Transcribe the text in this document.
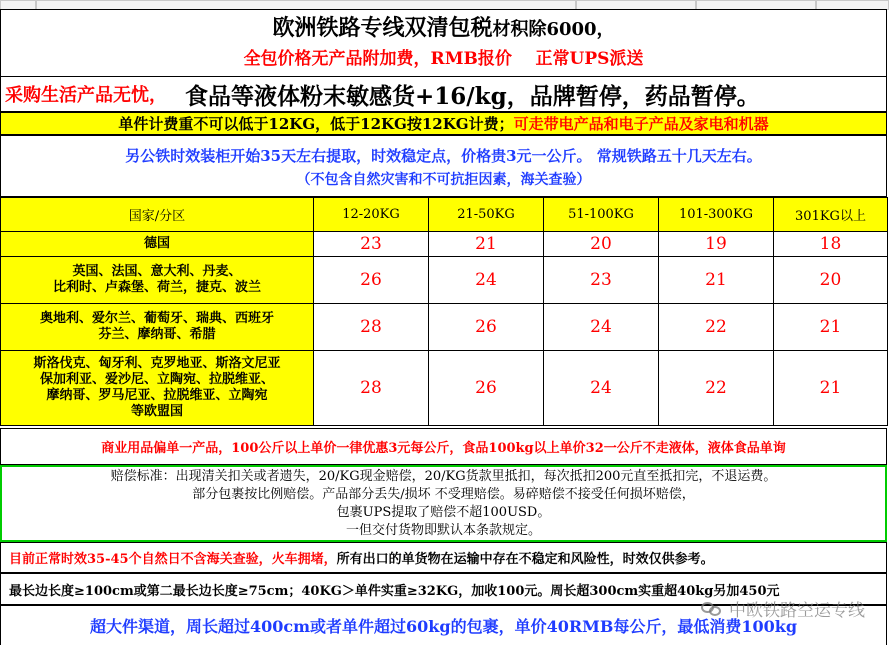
欧洲铁路专线双清包税材积除6000，
全包价格无产品附加费，RMB报价    正常UPS派送
采购生活产品无忧， 食品等液体粉末敏感货+16/kg，品牌暂停，药品暂停。
单件计费重不可以低于12KG，低于12KG按12KG计费； 可走带电产品和电子产品及家电和机器
另公铁时效装柜开始35天左右提取，时效稳定点，价格贵3元一公斤。 常规铁路五十几天左右。
（不包含自然灾害和不可抗拒因素，海关查验）
国家/分区	12-20KG	21-50KG	51-100KG	101-300KG	301KG以上

德国	23	21	20	19	18

英国、法国、意大利、丹麦、
比利时、卢森堡、荷兰，捷克、波兰	26	24	23	21	20

奥地利、爱尔兰、葡萄牙、瑞典、西班牙
芬兰、摩纳哥、希腊	28	26	24	22	21

斯洛伐克、匈牙利、克罗地亚、斯洛文尼亚
保加利亚、爱沙尼、立陶宛、拉脱维亚、
摩纳哥、罗马尼亚、拉脱维亚、立陶宛
等欧盟国	28	26	24	22	21
商业用品偏单一产品，100公斤以上单价一律优惠3元每公斤，食品100kg以上单价32一公斤不走液体，液体食品单询
赔偿标准：出现清关扣关或者遗失，20/KG现金赔偿，20/KG货款里抵扣，每次抵扣200元直至抵扣完，不退运费。
部分包裹按比例赔偿。产品部分丢失/损坏 不受理赔偿。易碎赔偿不接受任何损坏赔偿，
包裹UPS提取了赔偿不超100USD。
一但交付货物即默认本条款规定。
目前正常时效35-45个自然日不含海关查验，火车拥堵， 所有出口的单货物在运输中存在不稳定和风险性，时效仅供参考。
最长边长度≥100cm或第二最长边长度≥75cm；40KG＞单件实重≥32KG，加收100元。周长超300cm实重超40kg另加450元
超大件渠道，周长超过400cm或者单件超过60kg的包裹，单价40RMB每公斤，最低消费100kg
中欧铁路空运专线
